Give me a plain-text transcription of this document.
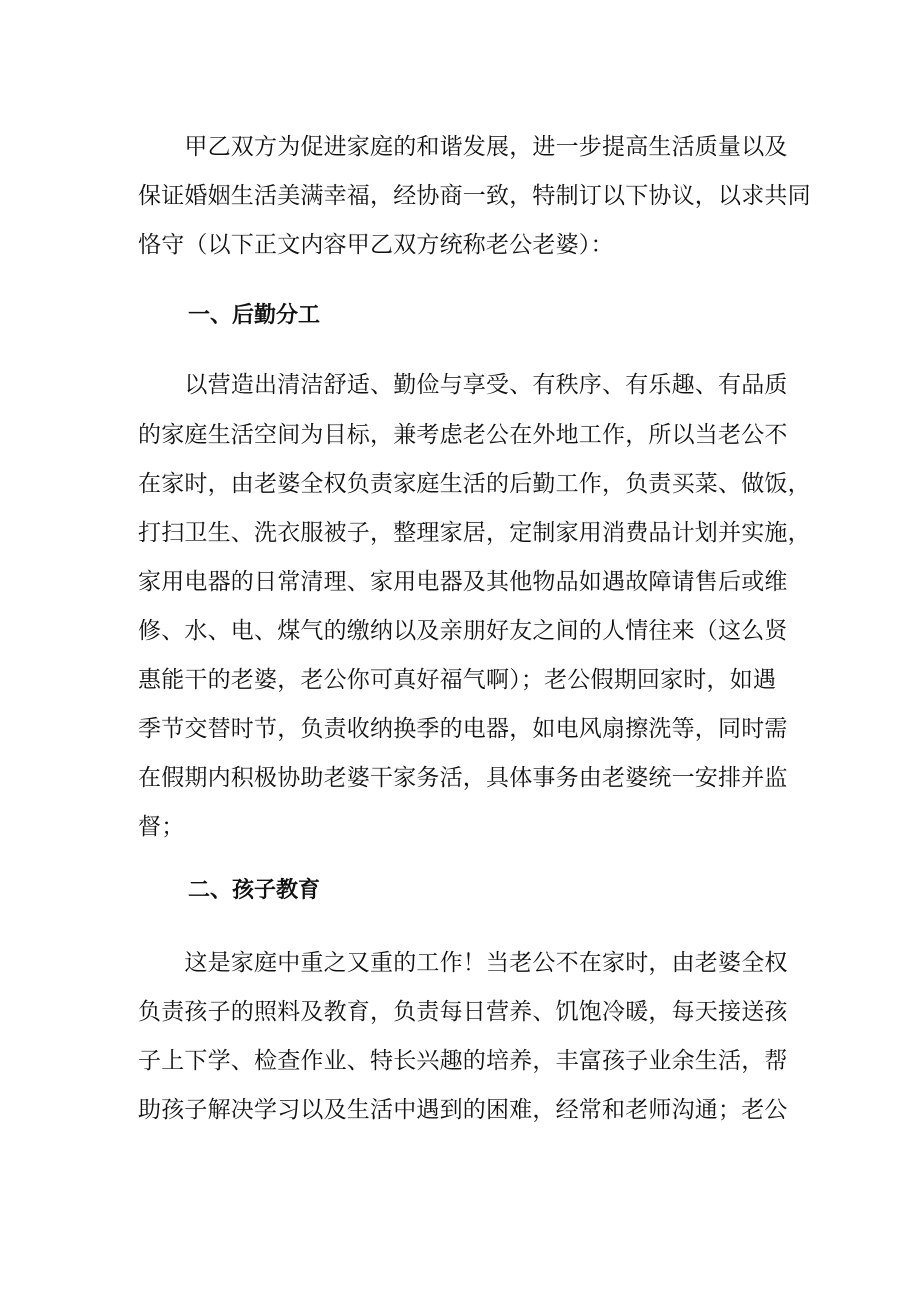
　　甲乙双方为促进家庭的和谐发展，进一步提高生活质量以及
保证婚姻生活美满幸福，经协商一致，特制订以下协议，以求共同
恪守（以下正文内容甲乙双方统称老公老婆）：
一、后勤分工
　　以营造出清洁舒适、勤俭与享受、有秩序、有乐趣、有品质
的家庭生活空间为目标，兼考虑老公在外地工作，所以当老公不
在家时，由老婆全权负责家庭生活的后勤工作，负责买菜、做饭，
打扫卫生、洗衣服被子，整理家居，定制家用消费品计划并实施，
家用电器的日常清理、家用电器及其他物品如遇故障请售后或维
修、水、电、煤气的缴纳以及亲朋好友之间的人情往来（这么贤
惠能干的老婆，老公你可真好福气啊）；老公假期回家时，如遇
季节交替时节，负责收纳换季的电器，如电风扇擦洗等，同时需
在假期内积极协助老婆干家务活，具体事务由老婆统一安排并监
督；
二、孩子教育
　　这是家庭中重之又重的工作！当老公不在家时，由老婆全权
负责孩子的照料及教育，负责每日营养、饥饱冷暖，每天接送孩
子上下学、检查作业、特长兴趣的培养，丰富孩子业余生活，帮
助孩子解决学习以及生活中遇到的困难，经常和老师沟通；老公
